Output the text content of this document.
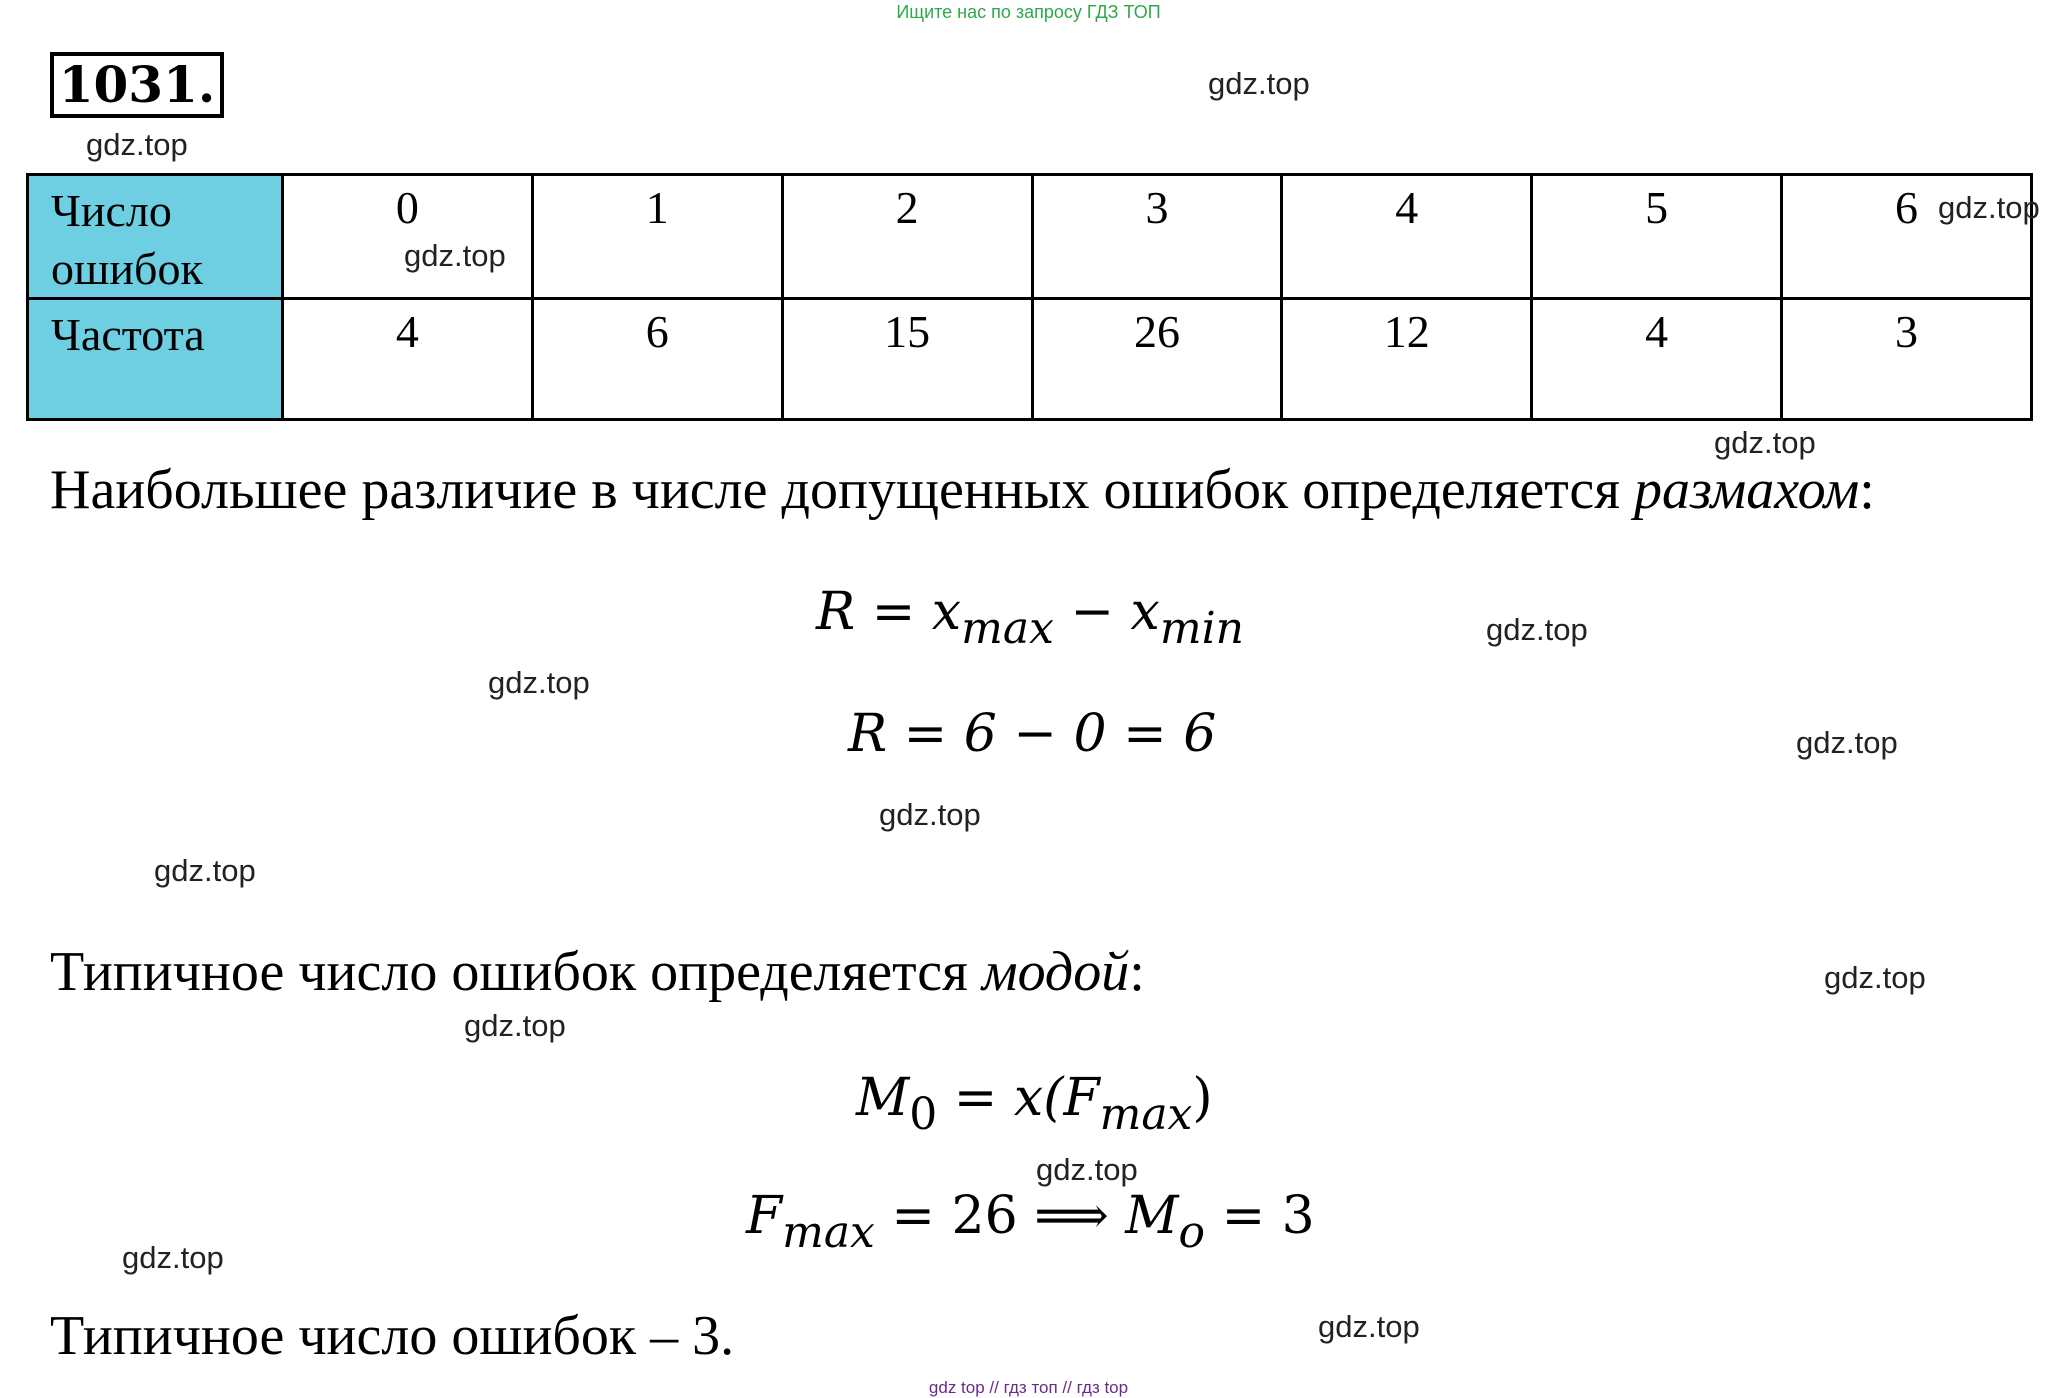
Ищите нас по запросу ГДЗ ТОП
1031.
Число
ошибок	0	1	2	3	4	5	6
Частота	4	6	15	26	12	4	3
Наибольшее различие в числе допущенных ошибок определяется размахом:
$R = x_{max} - x_{min}$
R = 6 − 0 = 6
Типичное число ошибок определяется модой:
$M_0 = x(F_{max})$
$F_{max} = 26$ ⟹ $M_o = 3$
Типичное число ошибок – 3.
gdz.top
gdz.top
gdz.top
gdz.top
gdz.top
gdz.top
gdz.top
gdz.top
gdz.top
gdz.top
gdz.top
gdz.top
gdz.top
gdz.top
gdz.top
gdz top // гдз топ // гдз top
